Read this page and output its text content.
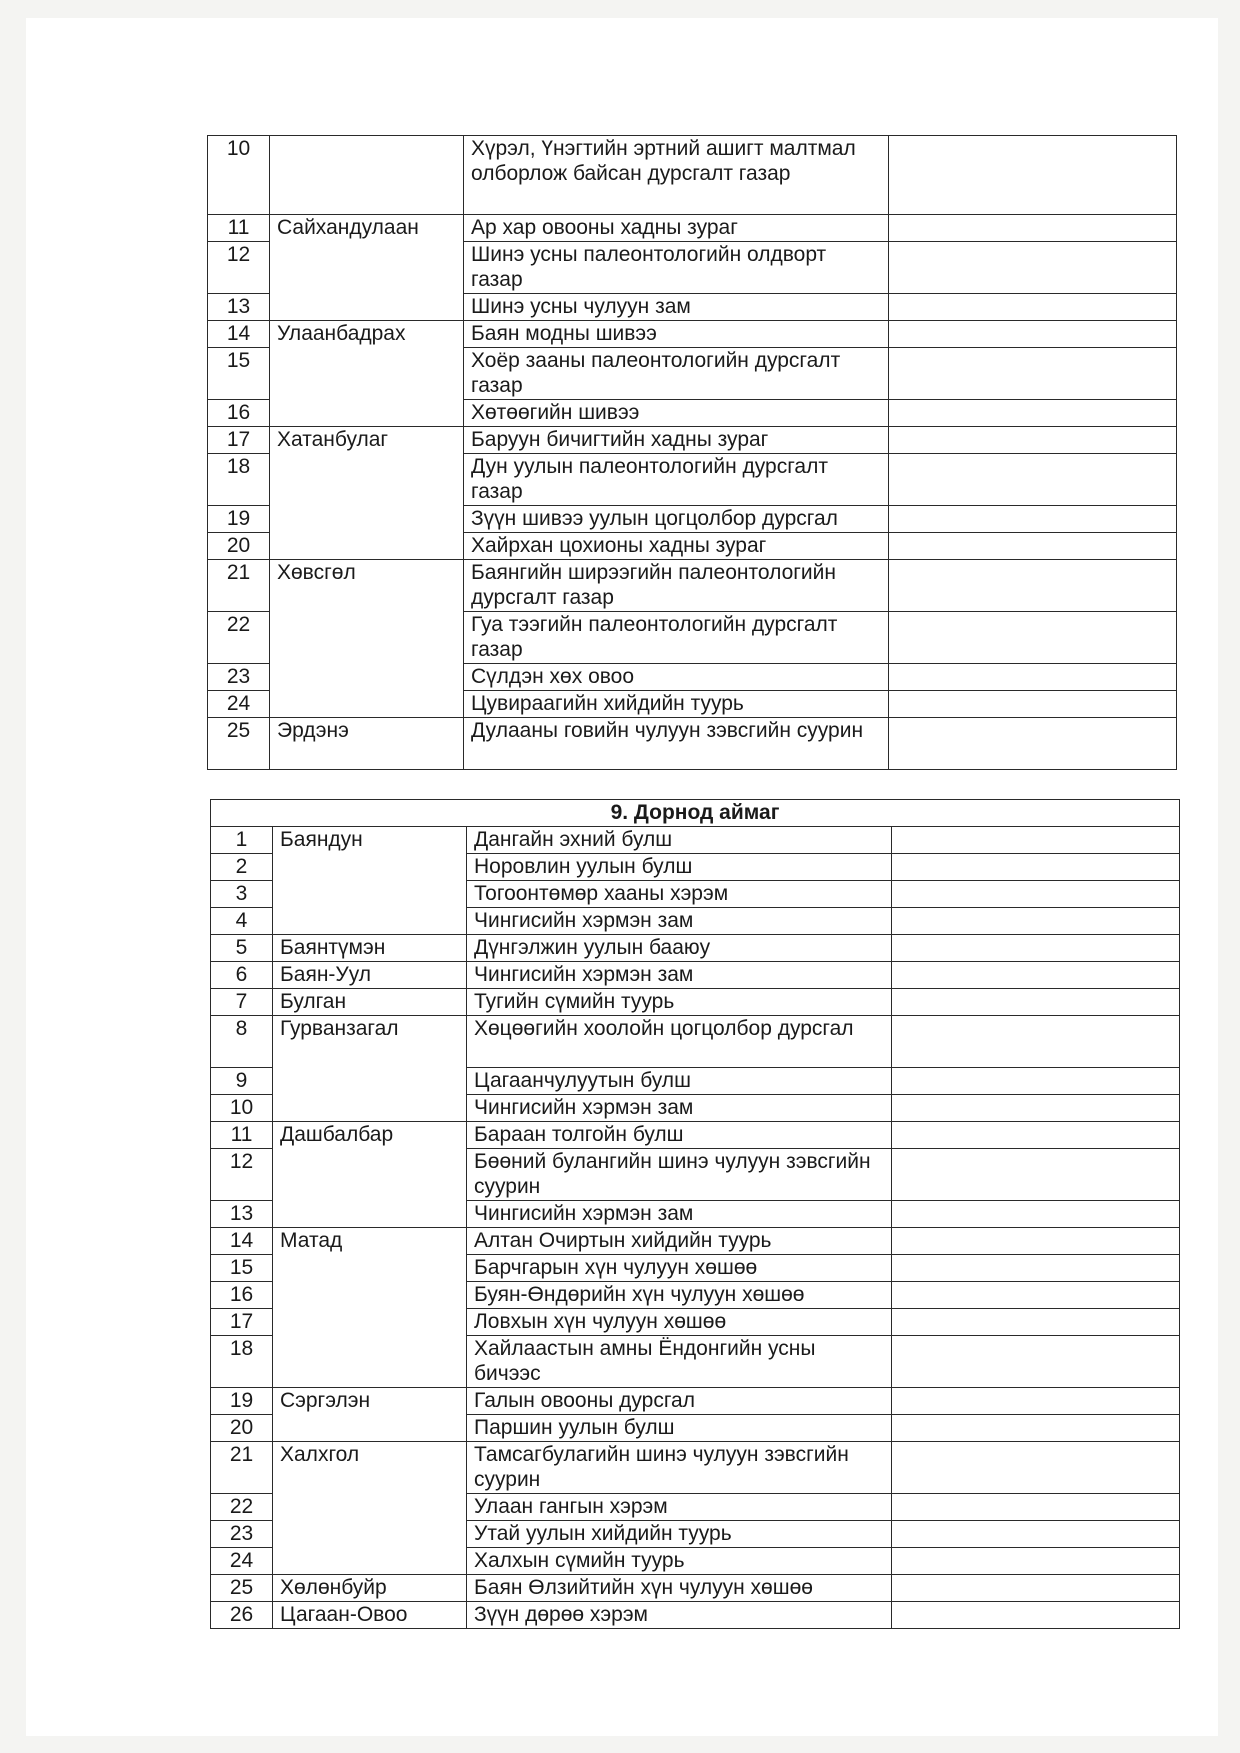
10		Хүрэл, Үнэгтийн эртний ашигт малтмал олборлож байсан дурсгалт газар	
11	Сайхандулаан	Ар хар овооны хадны зураг	
12		Шинэ усны палеонтологийн олдворт газар	
13		Шинэ усны чулуун зам	
14	Улаанбадрах	Баян модны шивээ	
15		Хоёр зааны палеонтологийн дурсгалт газар	
16		Хөтөөгийн шивээ	
17	Хатанбулаг	Баруун бичигтийн хадны зураг	
18		Дун уулын палеонтологийн дурсгалт газар	
19		Зүүн шивээ уулын цогцолбор дурсгал	
20		Хайрхан цохионы хадны зураг	
21	Хөвсгөл	Баянгийн ширээгийн палеонтологийн дурсгалт газар	
22		Гуа тээгийн палеонтологийн дурсгалт газар	
23		Сүлдэн хөх овоо	
24		Цувираагийн хийдийн туурь	
25	Эрдэнэ	Дулааны говийн чулуун зэвсгийн суурин	
9. Дорнод аймаг			
1	Баяндун	Дангайн эхний булш	
2		Норовлин уулын булш	
3		Тогоонтөмөр хааны хэрэм	
4		Чингисийн хэрмэн зам	
5	Баянтүмэн	Дүнгэлжин уулын бааюу	
6	Баян-Уул	Чингисийн хэрмэн зам	
7	Булган	Тугийн сүмийн туурь	
8	Гурванзагал	Хөцөөгийн хоолойн цогцолбор дурсгал	
9		Цагаанчулуутын булш	
10		Чингисийн хэрмэн зам	
11	Дашбалбар	Бараан толгойн булш	
12		Бөөний булангийн шинэ чулуун зэвсгийн суурин	
13		Чингисийн хэрмэн зам	
14	Матад	Алтан Очиртын хийдийн туурь	
15		Барчгарын хүн чулуун хөшөө	
16		Буян-Өндөрийн хүн чулуун хөшөө	
17		Ловхын хүн чулуун хөшөө	
18		Хайлаастын амны Ёндонгийн усны бичээс	
19	Сэргэлэн	Галын овооны дурсгал	
20		Паршин уулын булш	
21	Халхгол	Тамсагбулагийн шинэ чулуун зэвсгийн суурин	
22		Улаан гангын хэрэм	
23		Утай уулын хийдийн туурь	
24		Халхын сүмийн туурь	
25	Хөлөнбуйр	Баян Өлзийтийн хүн чулуун хөшөө	
26	Цагаан-Овоо	Зүүн дөрөө хэрэм	
